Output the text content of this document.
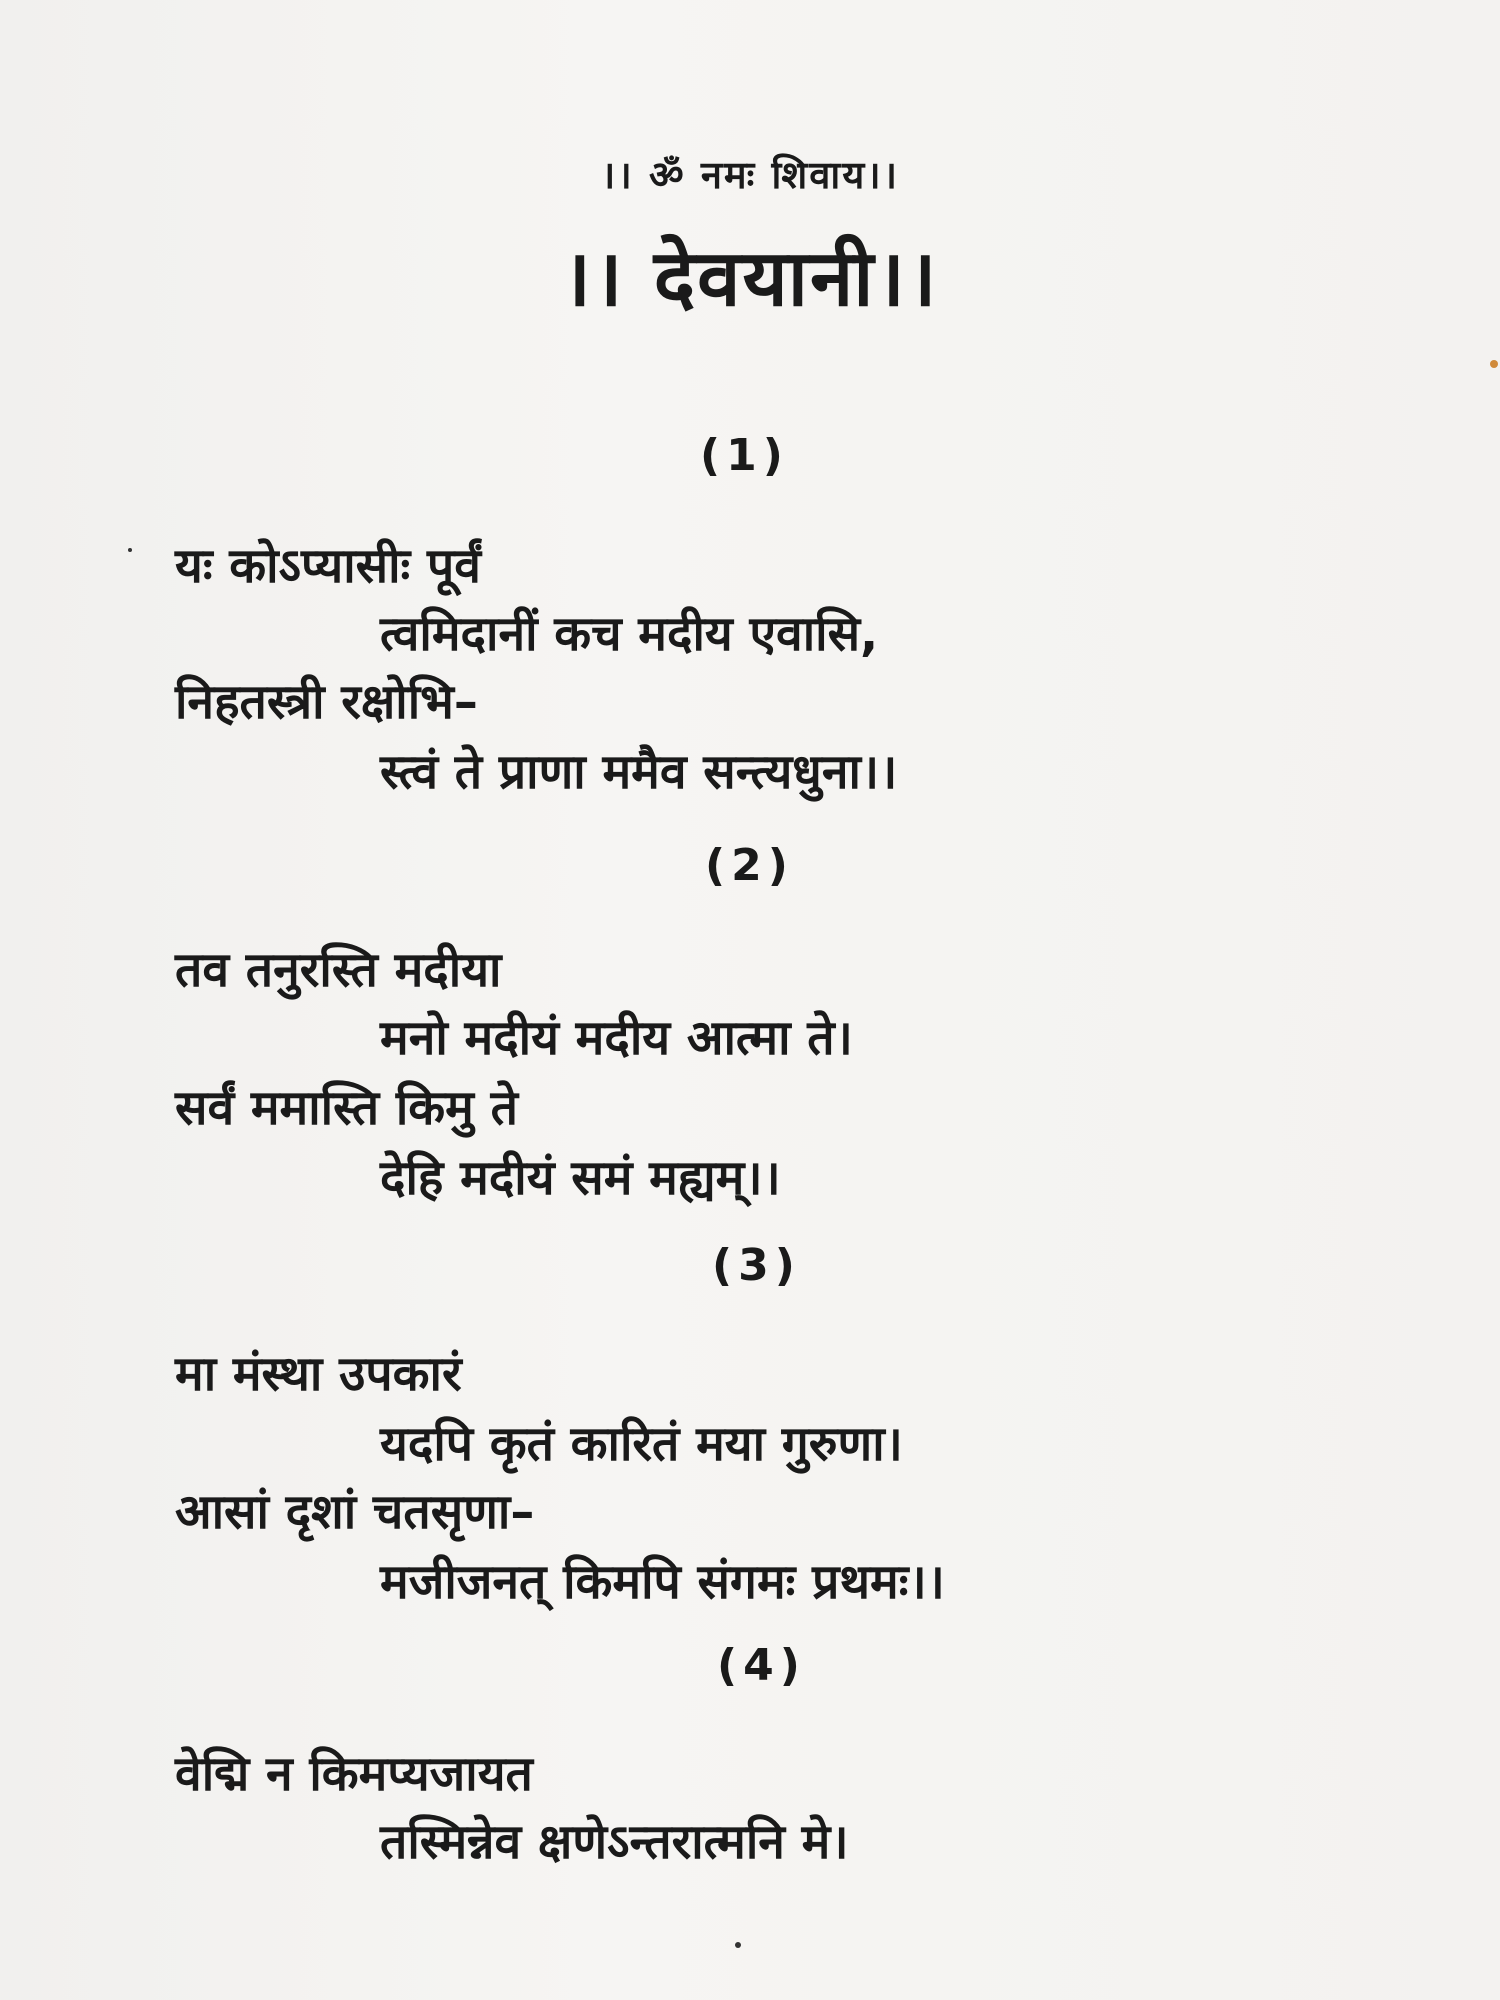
।। ॐ नमः शिवाय।।
।। देवयानी।।
(1)
यः कोऽप्यासीः पूर्वं
त्वमिदानीं कच मदीय एवासि,
निहतस्त्री रक्षोभि–
स्त्वं ते प्राणा ममैव सन्त्यधुना।।
(2)
तव तनुरस्ति मदीया
मनो मदीयं मदीय आत्मा ते।
सर्वं ममास्ति किमु ते
देहि मदीयं समं मह्यम्।।
(3)
मा मंस्था उपकारं
यदपि कृतं कारितं मया गुरुणा।
आसां दृशां चतसृणा–
मजीजनत् किमपि संगमः प्रथमः।।
(4)
वेद्मि न किमप्यजायत
तस्मिन्नेव क्षणेऽन्तरात्मनि मे।
